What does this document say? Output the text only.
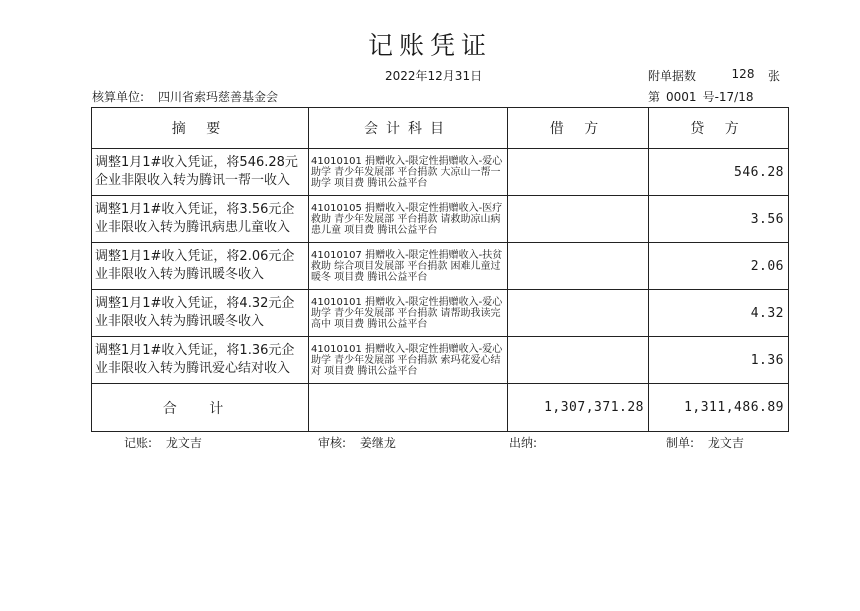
记账凭证
2022年12月31日	附单据数	128	张
核算单位: 四川省索玛慈善基金会	第 0001 号-17/18
摘 要	会计科目	借 方	贷 方
调整1月1#收入凭证，将546.28元企业非限收入转为腾讯一帮一收入	41010101 捐赠收入-限定性捐赠收入-爱心助学 青少年发展部 平台捐款 大凉山一帮一助学 项目费 腾讯公益平台		546.28
调整1月1#收入凭证，将3.56元企业非限收入转为腾讯病患儿童收入	41010105 捐赠收入-限定性捐赠收入-医疗救助 青少年发展部 平台捐款 请救助凉山病患儿童 项目费 腾讯公益平台		3.56
调整1月1#收入凭证，将2.06元企业非限收入转为腾讯暖冬收入	41010107 捐赠收入-限定性捐赠收入-扶贫救助 综合项目发展部 平台捐款 困难儿童过暖冬 项目费 腾讯公益平台		2.06
调整1月1#收入凭证，将4.32元企业非限收入转为腾讯暖冬收入	41010101 捐赠收入-限定性捐赠收入-爱心助学 青少年发展部 平台捐款 请帮助我读完高中 项目费 腾讯公益平台		4.32
调整1月1#收入凭证，将1.36元企业非限收入转为腾讯爱心结对收入	41010101 捐赠收入-限定性捐赠收入-爱心助学 青少年发展部 平台捐款 索玛花爱心结对 项目费 腾讯公益平台		1.36
合 计		1,307,371.28	1,311,486.89
记账: 龙文吉	审核: 姜继龙	出纳:	制单: 龙文吉
